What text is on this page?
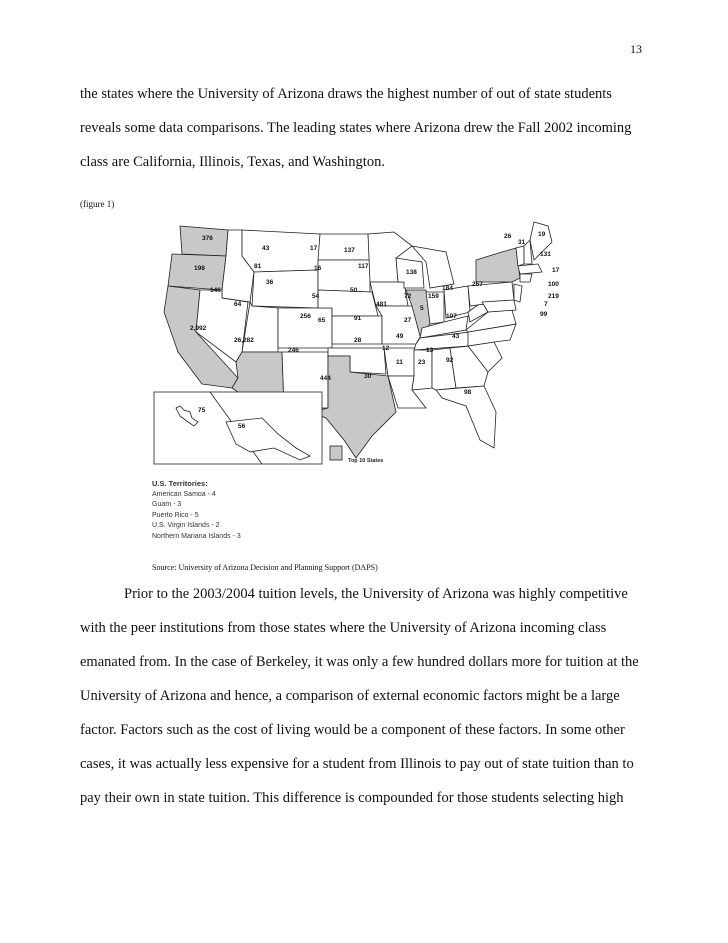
13
the states where the University of Arizona draws the highest number of out of state students
reveals some data comparisons. The leading states where Arizona drew the Fall 2002 incoming
class are California, Illinois, Texas, and Washington.
(figure 1)
Top 10 States
376
198
43	17	137
26
31
19
131
17
81	16	117
36
138
146	50	184
267	100
64
54
481
72	159	219
256
5
7
65	91	27
107	99
2,992
49	43
26,282
246
28
12	13
11 23	92
444	30
98
75
56
U.S. Territories:
American Samoa - 4
Guam - 3
Puerto Rico - 5
U.S. Virgin Islands - 2
Northern Mariana Islands - 3
Source: University of Arizona Decision and Planning Support (DAPS)
Prior to the 2003/2004 tuition levels, the University of Arizona was highly competitive
with the peer institutions from those states where the University of Arizona incoming class
emanated from. In the case of Berkeley, it was only a few hundred dollars more for tuition at the
University of Arizona and hence, a comparison of external economic factors might be a large
factor. Factors such as the cost of living would be a component of these factors. In some other
cases, it was actually less expensive for a student from Illinois to pay out of state tuition than to
pay their own in state tuition. This difference is compounded for those students selecting high
